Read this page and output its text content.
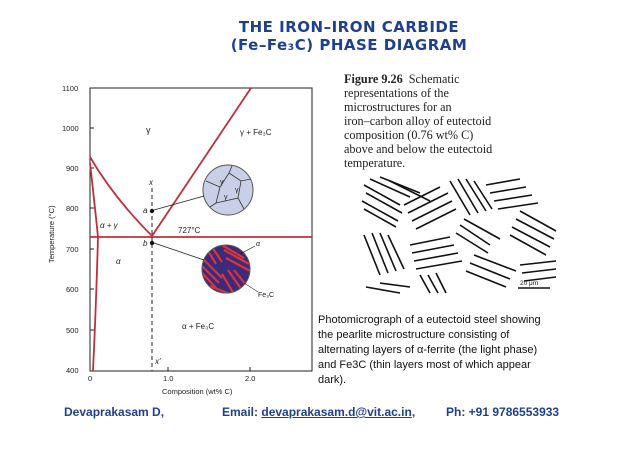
THE IRON–IRON CARBIDE
(Fe–Fe₃C) PHASE DIAGRAM
1100
1000
900
800
700
600
500
400
Temperature (°C)
0	1.0	2.0
Composition (wt% C)
x
a
b
x′
γ	γ + Fe₃C
α + γ
α
α + Fe₃C
727°C
γ
γ
γ
α
Fe₃C
Figure 9.26 Schematic
representations of the
microstructures for an
iron–carbon alloy of eutectoid
composition (0.76 wt% C)
above and below the eutectoid
temperature.
20 μm
Photomicrograph of a eutectoid steel showing the pearlite microstructure consisting of alternating layers of α-ferrite (the light phase) and Fe3C (thin layers most of which appear dark).
Devaprakasam D,	Email: devaprakasam.d@vit.ac.in,	Ph: +91 9786553933
